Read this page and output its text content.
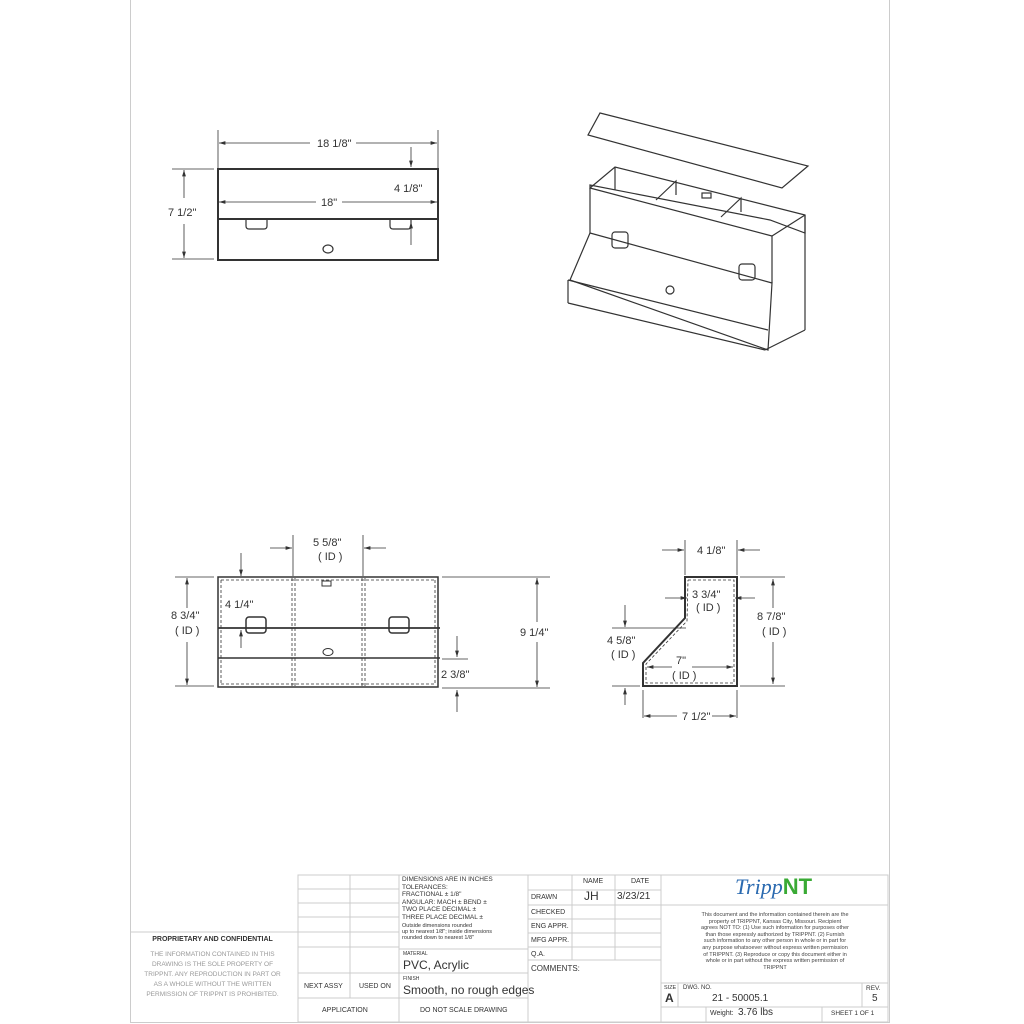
18 1/8"
18"
7 1/2"
4 1/8"
5 5/8"
( ID )
8 3/4"
( ID )
4 1/4"
9 1/4"
2 3/8"
4 1/8"
3 3/4"
( ID )
4 5/8"
( ID )	7"
( ID )
8 7/8"
( ID )
7 1/2"
PROPRIETARY AND CONFIDENTIAL
THE INFORMATION CONTAINED IN THIS DRAWING IS THE SOLE PROPERTY OF TRIPPNT. ANY REPRODUCTION IN PART OR AS A WHOLE WITHOUT THE WRITTEN PERMISSION OF TRIPPNT IS PROHIBITED.
NEXT ASSY USED ON
APPLICATION
DIMENSIONS ARE IN INCHES
TOLERANCES:
FRACTIONAL ± 1/8"
ANGULAR: MACH ± BEND ±
TWO PLACE DECIMAL ±
THREE PLACE DECIMAL ±
Outside dimensions rounded
up to nearest 1/8"; inside dimensions
rounded down to nearest 1/8"
MATERIAL
PVC, Acrylic
FINISH
Smooth, no rough edges
DO NOT SCALE DRAWING
NAME	DATE
DRAWN JH 3/23/21
CHECKED
ENG APPR.
MFG APPR.
Q.A.
COMMENTS:
TrippNT
This document and the information contained therein are the property of TRIPPNT, Kansas City, Missouri. Recipient agrees NOT TO: (1) Use such information for purposes other than those expressly authorized by TRIPPNT. (2) Furnish such information to any other person in whole or in part for any purpose whatsoever without express written permission of TRIPPNT. (3) Reproduce or copy this document either in whole or in part without the express written permission of TRIPPNT
SIZE
A
DWG. NO.
21 - 50005.1
REV.
5
Weight: 3.76 lbs	SHEET 1 OF 1
